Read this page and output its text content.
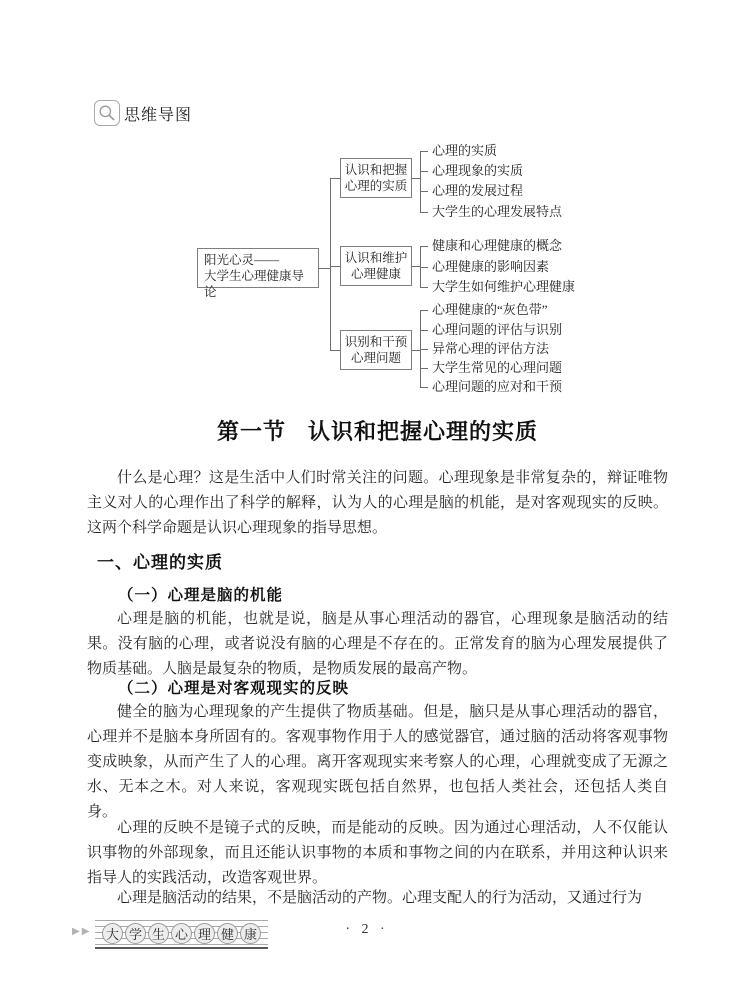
思维导图
阳光心灵——
大学生心理健康导论
认识和把握
心理的实质
认识和维护
心理健康
识别和干预
心理问题
心理的实质
心理现象的实质
心理的发展过程
大学生的心理发展特点
健康和心理健康的概念
心理健康的影响因素
大学生如何维护心理健康
心理健康的“灰色带”
心理问题的评估与识别
异常心理的评估方法
大学生常见的心理问题
心理问题的应对和干预
第一节 认识和把握心理的实质

什么是心理？这是生活中人们时常关注的问题。心理现象是非常复杂的，辩证唯物主义对人的心理作出了科学的解释，认为人的心理是脑的机能，是对客观现实的反映。这两个科学命题是认识心理现象的指导思想。

一、心理的实质
（一）心理是脑的机能

心理是脑的机能，也就是说，脑是从事心理活动的器官，心理现象是脑活动的结果。没有脑的心理，或者说没有脑的心理是不存在的。正常发育的脑为心理发展提供了物质基础。人脑是最复杂的物质，是物质发展的最高产物。

（二）心理是对客观现实的反映

健全的脑为心理现象的产生提供了物质基础。但是，脑只是从事心理活动的器官，心理并不是脑本身所固有的。客观事物作用于人的感觉器官，通过脑的活动将客观事物变成映象，从而产生了人的心理。离开客观现实来考察人的心理，心理就变成了无源之水、无本之木。对人来说，客观现实既包括自然界，也包括人类社会，还包括人类自身。

心理的反映不是镜子式的反映，而是能动的反映。因为通过心理活动，人不仅能认识事物的外部现象，而且还能认识事物的本质和事物之间的内在联系，并用这种认识来指导人的实践活动，改造客观世界。

心理是脑活动的结果，不是脑活动的产物。心理支配人的行为活动，又通过行为

▶▶	大 学 生 心 理 健 康	· 2 ·
